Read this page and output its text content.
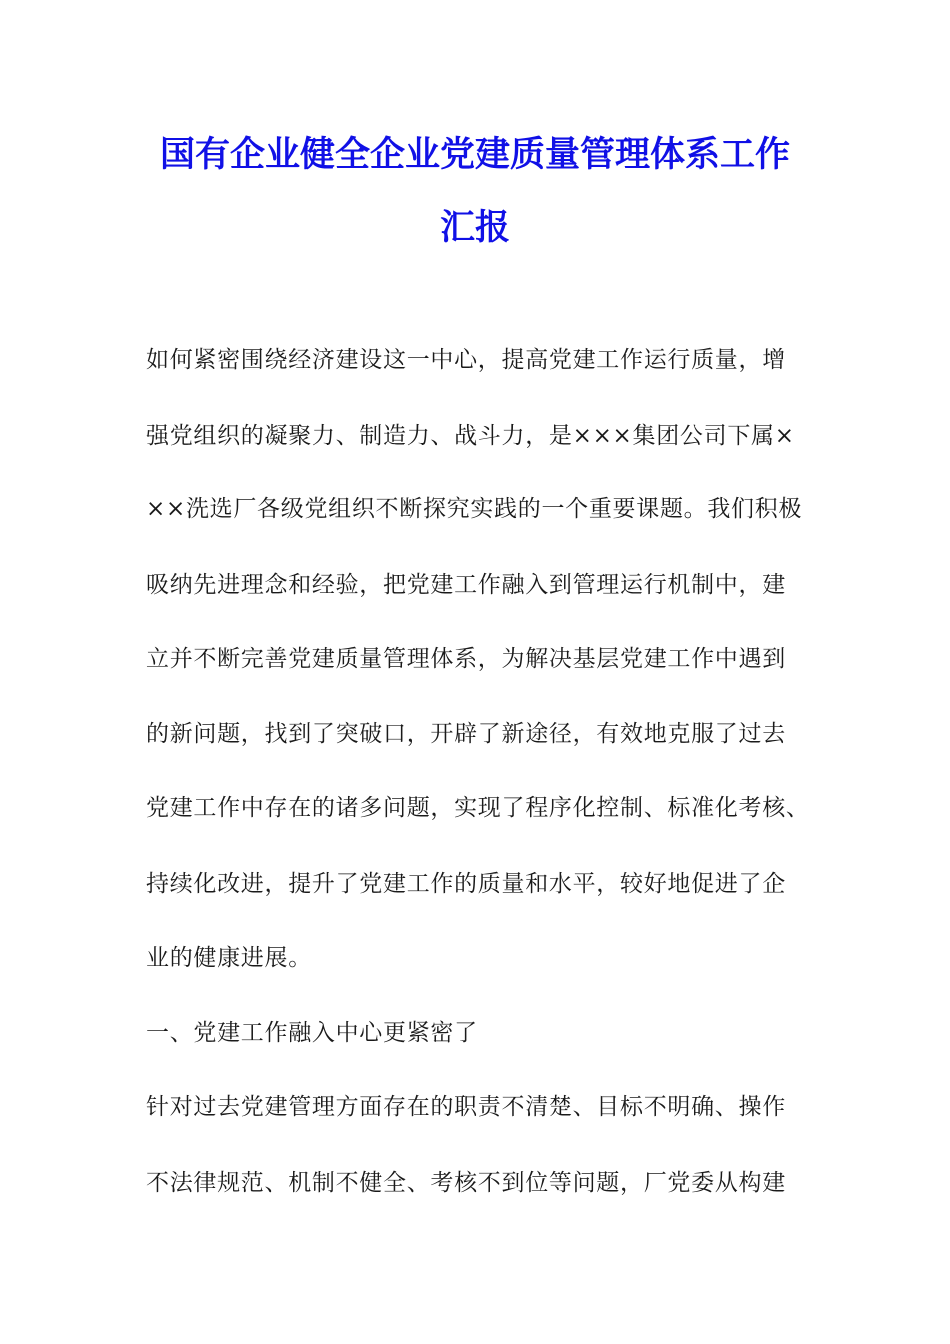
国有企业健全企业党建质量管理体系工作
汇报
如何紧密围绕经济建设这一中心，提高党建工作运行质量，增
强党组织的凝聚力、制造力、战斗力，是×××集团公司下属×
××洗选厂各级党组织不断探究实践的一个重要课题。我们积极
吸纳先进理念和经验，把党建工作融入到管理运行机制中，建
立并不断完善党建质量管理体系，为解决基层党建工作中遇到
的新问题，找到了突破口，开辟了新途径，有效地克服了过去
党建工作中存在的诸多问题，实现了程序化控制、标准化考核、
持续化改进，提升了党建工作的质量和水平，较好地促进了企
业的健康进展。
一、党建工作融入中心更紧密了
针对过去党建管理方面存在的职责不清楚、目标不明确、操作
不法律规范、机制不健全、考核不到位等问题，厂党委从构建
